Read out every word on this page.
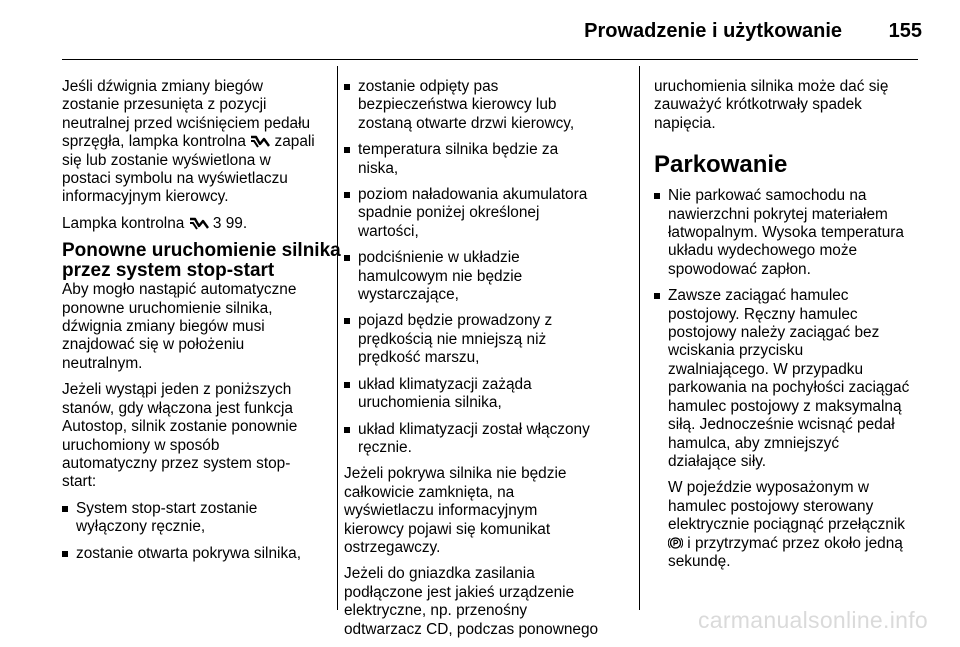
Prowadzenie i użytkowanie 155

Jeśli dźwignia zmiany biegów
zostanie przesunięta z pozycji
neutralnej przed wciśnięciem pedału
sprzęgła, lampka kontrolna zapali
się lub zostanie wyświetlona w
postaci symbolu na wyświetlaczu
informacyjnym kierowcy.

Lampka kontrolna 3 99.

Ponowne uruchomienie silnika
przez system stop-start

Aby mogło nastąpić automatyczne
ponowne uruchomienie silnika,
dźwignia zmiany biegów musi
znajdować się w położeniu
neutralnym.

Jeżeli wystąpi jeden z poniższych
stanów, gdy włączona jest funkcja
Autostop, silnik zostanie ponownie
uruchomiony w sposób
automatyczny przez system stop-
start:

System stop-start zostanie
wyłączony ręcznie,
zostanie otwarta pokrywa silnika,
zostanie odpięty pas
bezpieczeństwa kierowcy lub
zostaną otwarte drzwi kierowcy,
temperatura silnika będzie za
niska,
poziom naładowania akumulatora
spadnie poniżej określonej
wartości,
podciśnienie w układzie
hamulcowym nie będzie
wystarczające,
pojazd będzie prowadzony z
prędkością nie mniejszą niż
prędkość marszu,
układ klimatyzacji zażąda
uruchomienia silnika,
układ klimatyzacji został włączony
ręcznie.

Jeżeli pokrywa silnika nie będzie
całkowicie zamknięta, na
wyświetlaczu informacyjnym
kierowcy pojawi się komunikat
ostrzegawczy.

Jeżeli do gniazdka zasilania
podłączone jest jakieś urządzenie
elektryczne, np. przenośny
odtwarzacz CD, podczas ponownego

uruchomienia silnika może dać się
zauważyć krótkotrwały spadek
napięcia.

Parkowanie
Nie parkować samochodu na
nawierzchni pokrytej materiałem
łatwopalnym. Wysoka temperatura
układu wydechowego może
spowodować zapłon.
Zawsze zaciągać hamulec
postojowy. Ręczny hamulec
postojowy należy zaciągać bez
wciskania przycisku
zwalniającego. W przypadku
parkowania na pochyłości zaciągać
hamulec postojowy z maksymalną
siłą. Jednocześnie wcisnąć pedał
hamulca, aby zmniejszyć
działające siły.
W pojeździe wyposażonym w
hamulec postojowy sterowany
elektrycznie pociągnąć przełącznik
i przytrzymać przez około jedną
sekundę.
carmanualsonline.info
